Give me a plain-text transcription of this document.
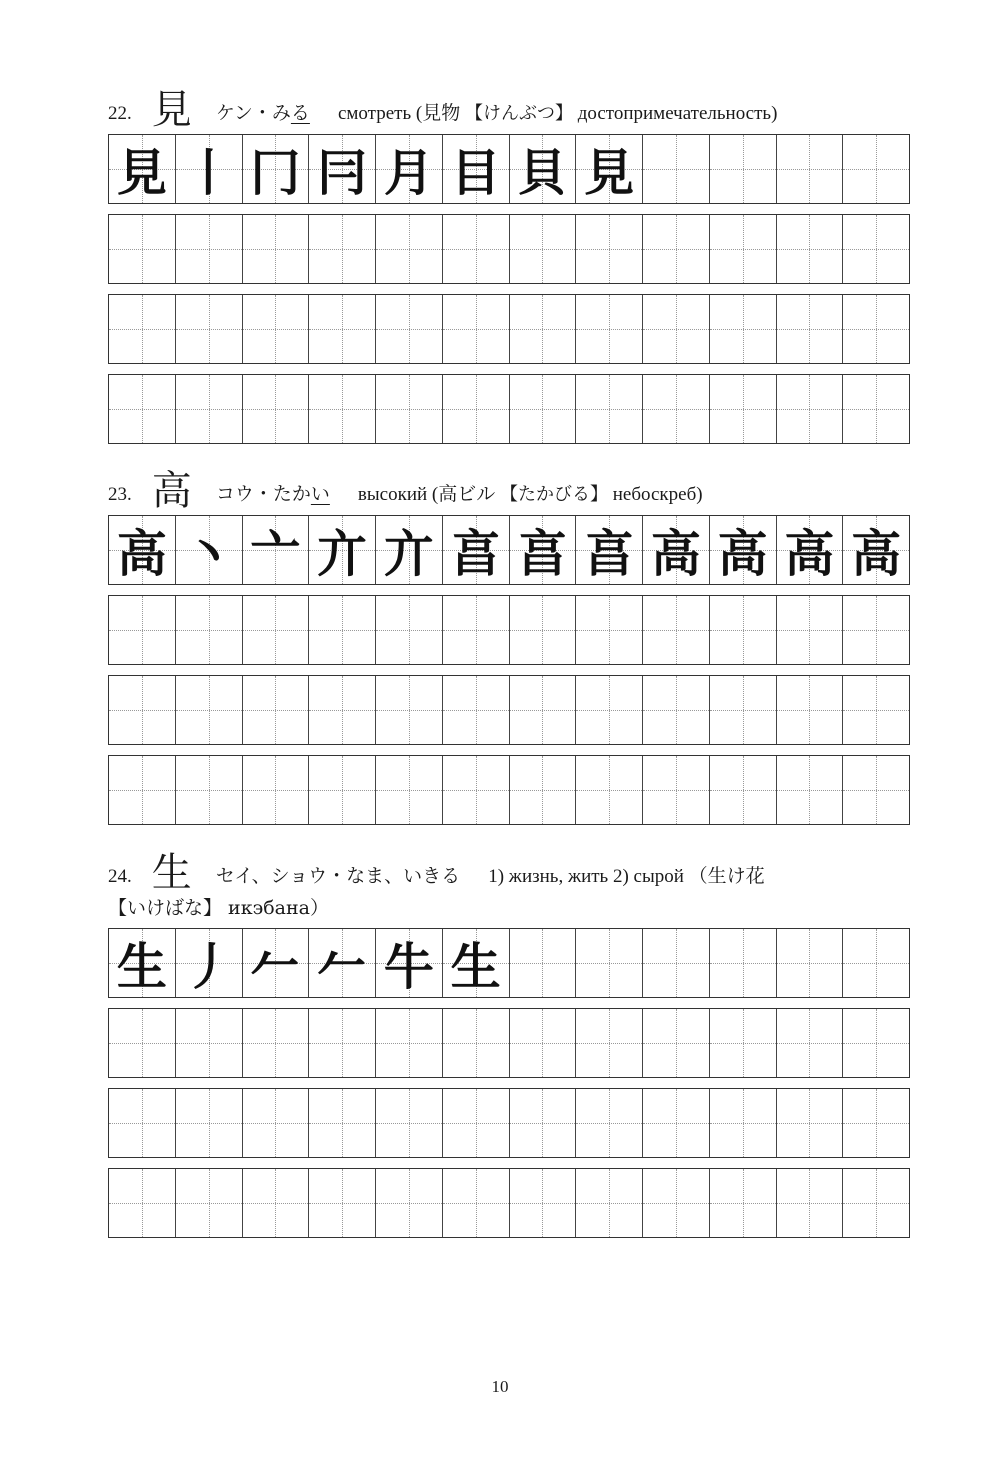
22. 見 ケン・みる смотреть (見物 【けんぶつ】 достопримечательность)
見 丨 冂 冃 月 目 貝 見
23. 高 コウ・たかい высокий (高ビル 【たかびる】 небоскреб)
高 丶 亠 亣 亣 亯 亯 亯 高 高 高 高
24. 生 セイ、ショウ・なま、いきる 1) жизнь, жить 2) сырой （生け花
【いけばな】 икэбана）
生 丿 𠂉 𠂉 牛 生
10
